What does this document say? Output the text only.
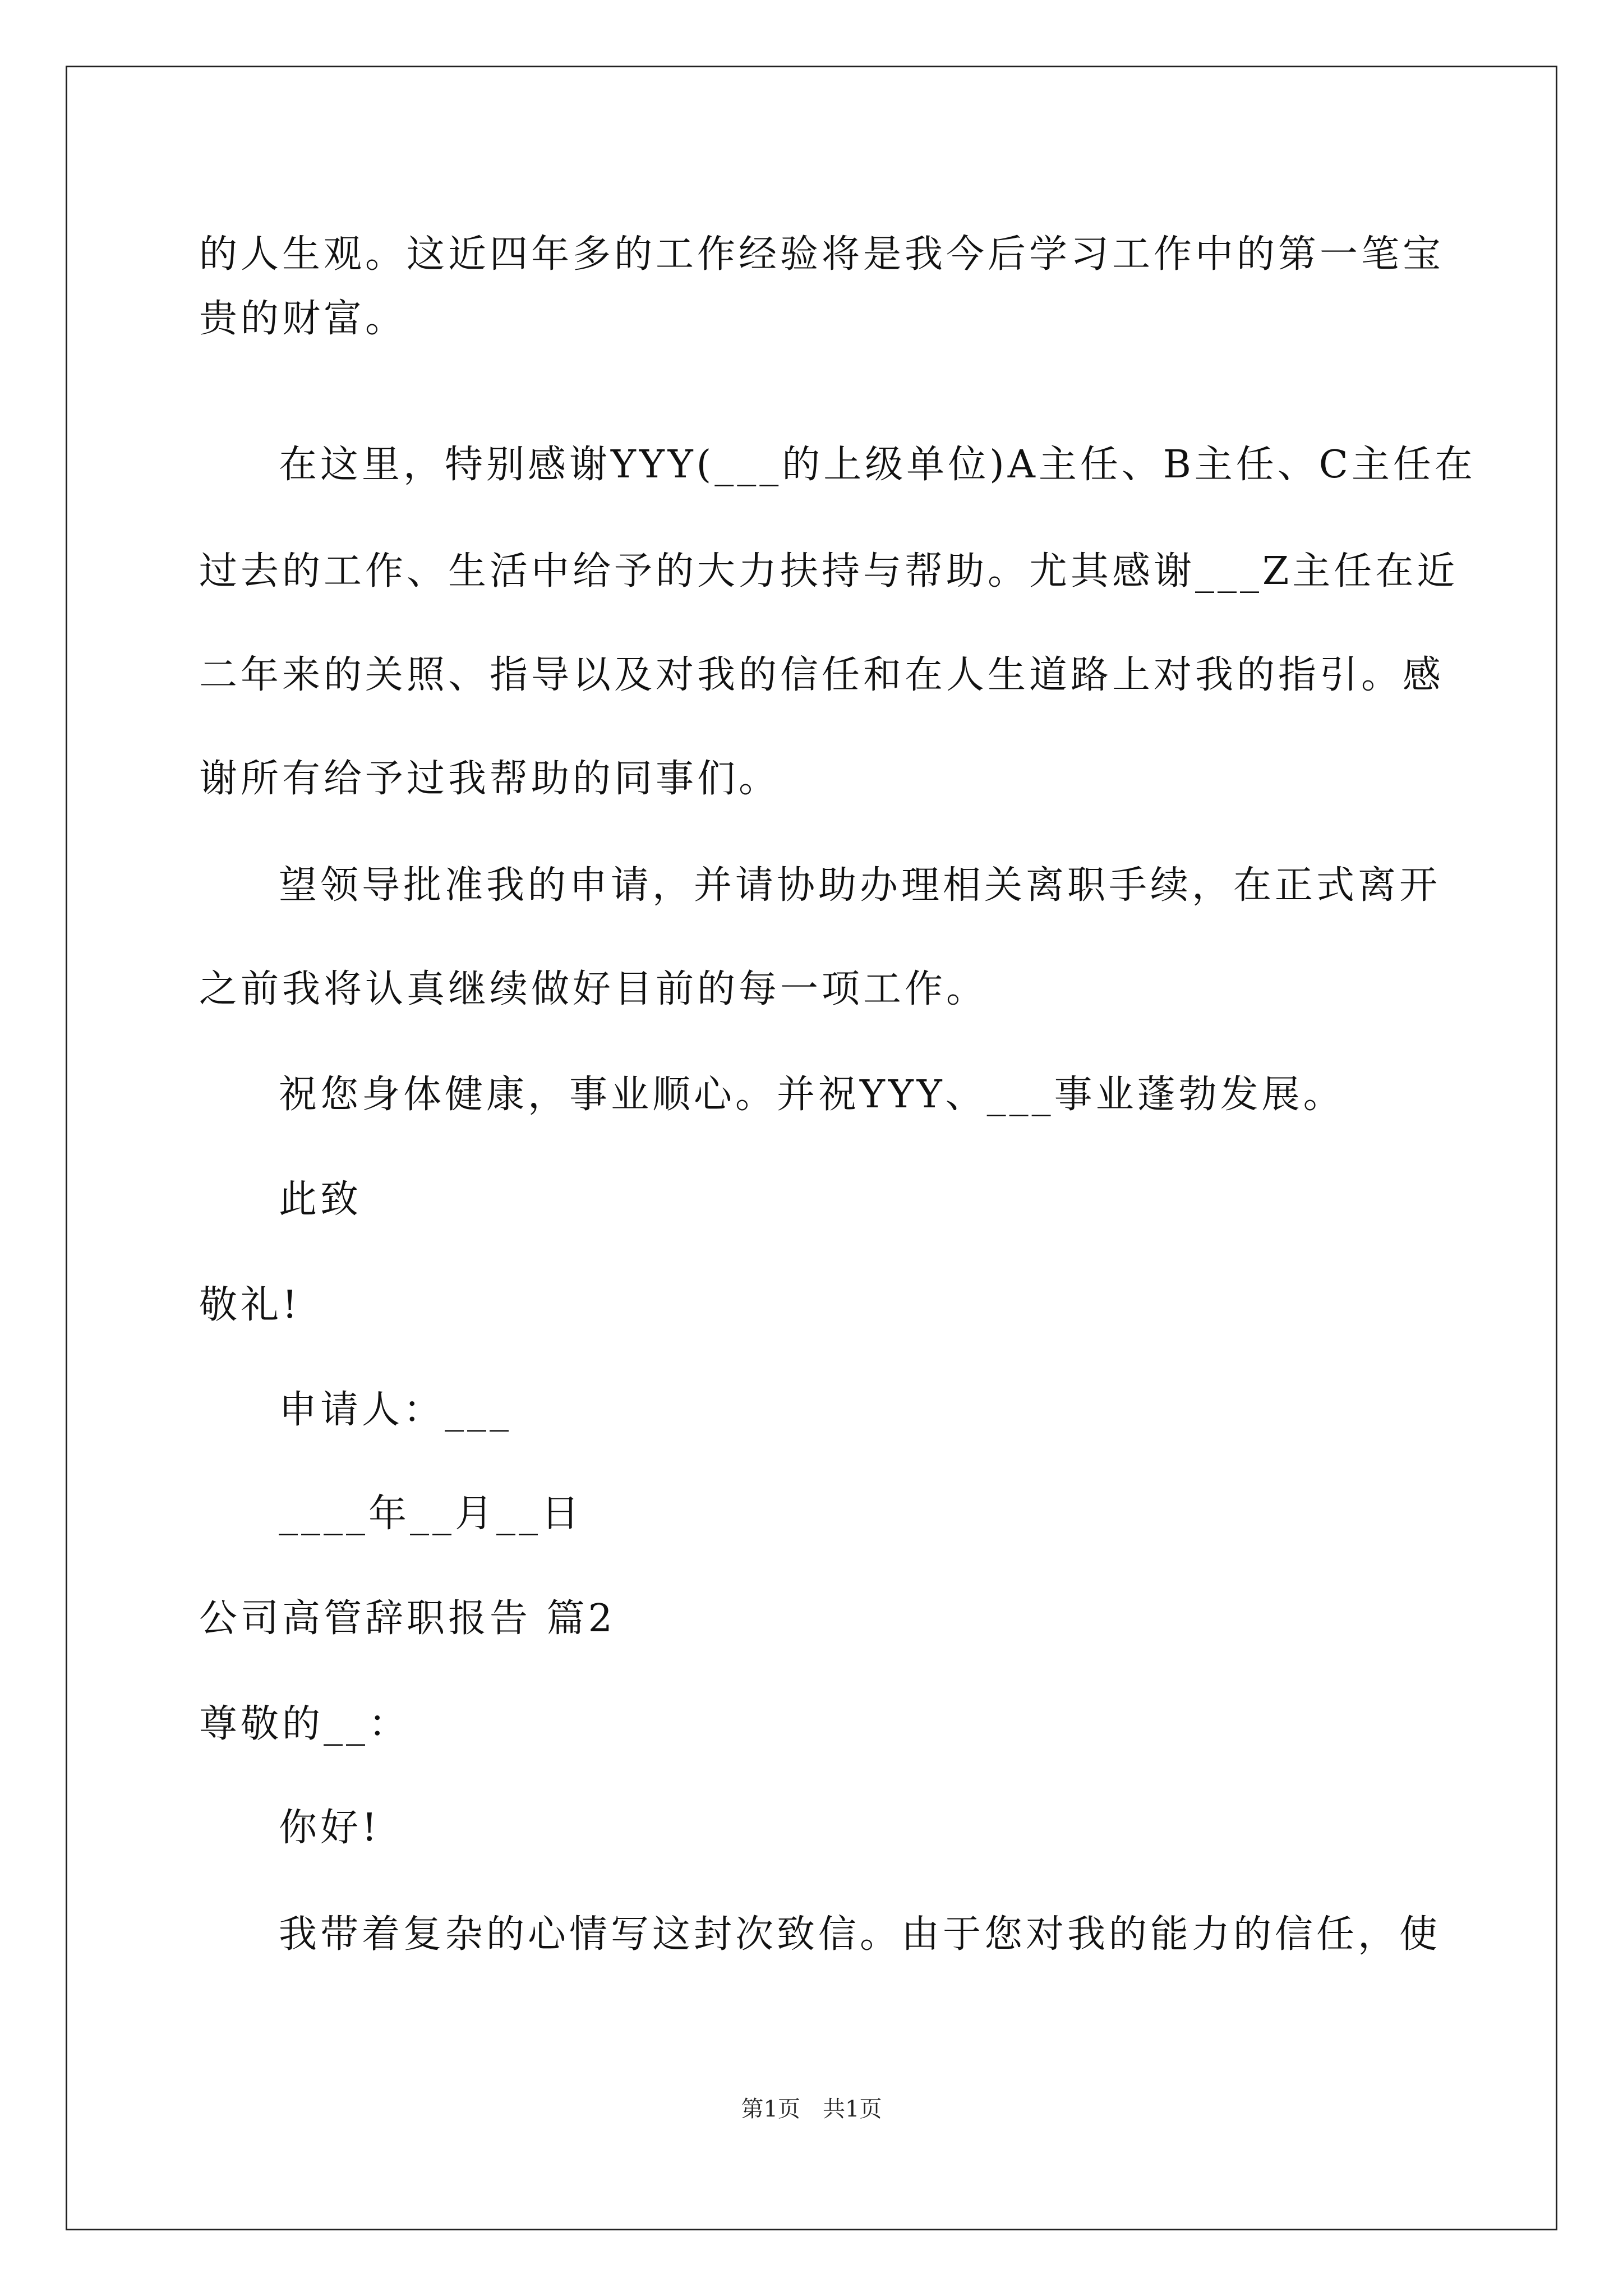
的人生观。这近四年多的工作经验将是我今后学习工作中的第一笔宝
贵的财富。
在这里，特别感谢YYY(___的上级单位)A主任、B主任、C主任在
过去的工作、生活中给予的大力扶持与帮助。尤其感谢___Z主任在近
二年来的关照、指导以及对我的信任和在人生道路上对我的指引。感
谢所有给予过我帮助的同事们。
望领导批准我的申请，并请协助办理相关离职手续，在正式离开
之前我将认真继续做好目前的每一项工作。
祝您身体健康，事业顺心。并祝YYY、___事业蓬勃发展。
此致
敬礼!
申请人：___
____年__月__日
公司高管辞职报告 篇2
尊敬的__：
你好!
我带着复杂的心情写这封次致信。由于您对我的能力的信任，使
第1页　共1页
